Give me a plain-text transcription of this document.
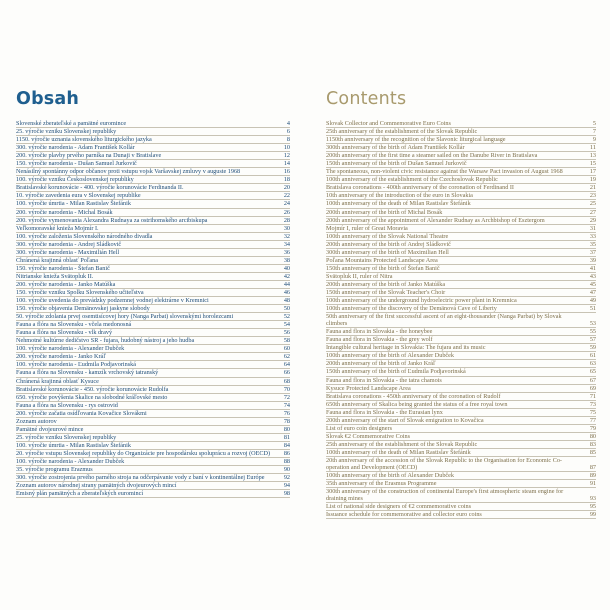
Obsah
Slovenské zberateľské a pamätné euromince	4
25. výročie vzniku Slovenskej republiky	6
1150. výročie uznania slovenského liturgického jazyka	8
300. výročie narodenia - Adam František Kollár	10
200. výročie plavby prvého parníka na Dunaji v Bratislave	12
150. výročie narodenia - Dušan Samuel Jurkovič	14
Nenásilný spontánny odpor občanov proti vstupu vojsk Varšavskej zmluvy v auguste 1968	16
100. výročie vzniku Československej republiky	18
Bratislavské korunovácie - 400. výročie korunovácie Ferdinanda II.	20
10. výročie zavedenia eura v Slovenskej republike	22
100. výročie úmrtia - Milan Rastislav Štefánik	24
200. výročie narodenia - Michal Bosák	26
200. výročie vymenovania Alexandra Rudnaya za ostrihomského arcibiskupa	28
Veľkomoravské knieža Mojmír I.	30
100. výročie založenia Slovenského národného divadla	32
300. výročie narodenia - Andrej Sládkovič	34
300. výročie narodenia - Maximilián Hell	36
Chránená krajinná oblasť Poľana	38
150. výročie narodenia - Štefan Banič	40
Nitrianske knieža Svätopluk II.	42
200. výročie narodenia - Janko Matúška	44
150. výročie vzniku Spolku Slovenského učiteľstva	46
100. výročie uvedenia do prevádzky podzemnej vodnej elektrárne v Kremnici	48
150. výročie objavenia Demänovskej jaskyne slobody	50
50. výročie zdolania prvej osemtisícovej hory (Nanga Parbat) slovenskými horolezcami	52
Fauna a flóra na Slovensku - včela medonosná	54
Fauna a flóra na Slovensku - vlk dravý	56
Nehmotné kultúrne dedičstvo SR - fujara, hudobný nástroj a jeho hudba	58
100. výročie narodenia - Alexander Dubček	60
200. výročie narodenia - Janko Kráľ	62
100. výročie narodenia - Ľudmila Podjavorinská	64
Fauna a flóra na Slovensku - kamzík vrchovský tatranský	66
Chránená krajinná oblasť Kysuce	68
Bratislavské korunovácie - 450. výročie korunovácie Rudolfa	70
650. výročie povýšenia Skalice na slobodné kráľovské mesto	72
Fauna a flóra na Slovensku - rys ostrovid	74
200. výročie začatia osídľovania Kovačice Slovákmi	76
Zoznam autorov	78
Pamätné dvojeurové mince	80
25. výročie vzniku Slovenskej republiky	81
100. výročie úmrtia - Milan Rastislav Štefánik	84
20. výročie vstupu Slovenskej republiky do Organizácie pre hospodársku spoluprácu a rozvoj (OECD)	86
100. výročie narodenia - Alexander Dubček	88
35. výročie programu Erazmus	90
300. výročie zostrojenia prvého parného stroja na odčerpávanie vody z baní v kontinentálnej Európe	92
Zoznam autorov národnej strany pamätných dvojeurových mincí	94
Emisný plán pamätných a zberateľských euromincí	98
Contents
Slovak Collector and Commemorative Euro Coins	5
25th anniversary of the establishment of the Slovak Republic	7
1150th anniversary of the recognition of the Slavonic liturgical language	9
300th anniversary of the birth of Adam František Kollár	11
200th anniversary of the first time a steamer sailed on the Danube River in Bratislava	13
150th anniversary of the birth of Dušan Samuel Jurkovič	15
The spontaneous, non-violent civic resistance against the Warsaw Pact invasion of August 1968	17
100th anniversary of the establishment of the Czechoslovak Republic	19
Bratislava coronations - 400th anniversary of the coronation of Ferdinand II	21
10th anniversary of the introduction of the euro in Slovakia	23
100th anniversary of the death of Milan Rastislav Štefánik	25
200th anniversary of the birth of Michal Bosák	27
200th anniversary of the appointment of Alexander Rudnay as Archbishop of Esztergom	29
Mojmír I, ruler of Great Moravia	31
100th anniversary of the Slovak National Theatre	33
200th anniversary of the birth of Andrej Sládkovič	35
300th anniversary of the birth of Maximilian Hell	37
Poľana Mountains Protected Landscape Area	39
150th anniversary of the birth of Štefan Banič	41
Svätopluk II, ruler of Nitra	43
200th anniversary of the birth of Janko Matúška	45
150th anniversary of the Slovak Teacher's Choir	47
100th anniversary of the underground hydroelectric power plant in Kremnica	49
100th anniversary of the discovery of the Demänová Cave of Liberty	51
50th anniversary of the first successful ascent of an eight-thousander (Nanga Parbat) by Slovak climbers	53
Fauna and flora in Slovakia - the honeybee	55
Fauna and flora in Slovakia - the grey wolf	57
Intangible cultural heritage in Slovakia: The fujara and its music	59
100th anniversary of the birth of Alexander Dubček	61
200th anniversary of the birth of Janko Kráľ	63
150th anniversary of the birth of Ľudmila Podjavorinská	65
Fauna and flora in Slovakia - the tatra chamois	67
Kysuce Protected Landscape Area	69
Bratislava coronations - 450th anniversary of the coronation of Rudolf	71
650th anniversary of Skalica being granted the status of a free royal town	73
Fauna and flora in Slovakia - the Eurasian lynx	75
200th anniversary of the start of Slovak emigration to Kovačica	77
List of euro coin designers	79
Slovak €2 Commemorative Coins	80
25th anniversary of the establishment of the Slovak Republic	83
100th anniversary of the death of Milan Rastislav Štefánik	85
20th anniversary of the accession of the Slovak Republic to the Organisation for Economic Co-operation and Development (OECD)	87
100th anniversary of the birth of Alexander Dubček	89
35th anniversary of the Erasmus Programme	91
300th anniversary of the construction of continental Europe's first atmospheric steam engine for draining mines	93
List of national side designers of €2 commemorative coins	95
Issuance schedule for commemorative and collector euro coins	99
